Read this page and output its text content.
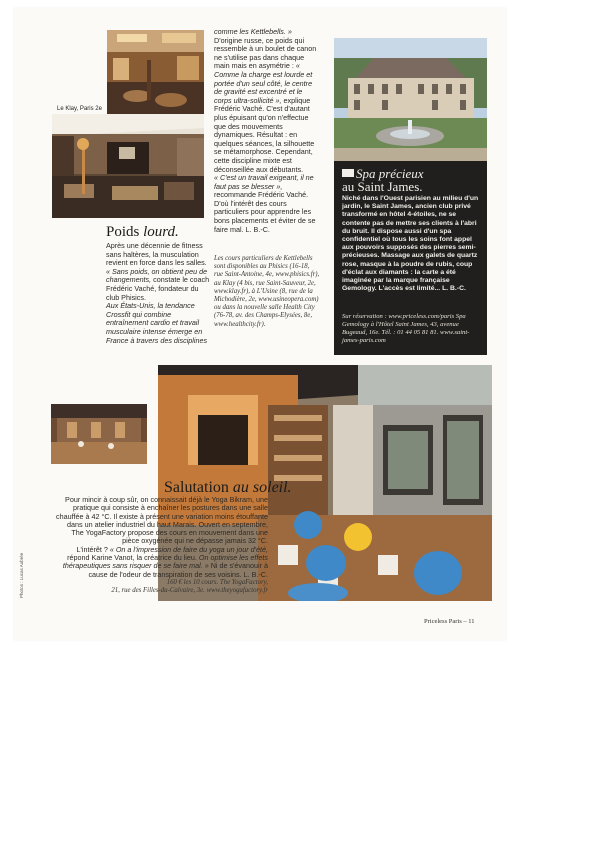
Le Klay, Paris 2e
Poids lourd.

Après une décennie de fitness sans haltères, la musculation revient en force dans les salles.

« Sans poids, on obtient peu de changements, constate le coach Frédéric Vaché, fondateur du club Phisics.

Aux États-Unis, la tendance Crossfit qui combine entraînement cardio et travail musculaire intense émerge en France à travers des disciplines

comme les Kettlebells. »

D'origine russe, ce poids qui ressemble à un boulet de canon ne s'utilise pas dans chaque main mais en asymétrie : « Comme la charge est lourde et portée d'un seul côté, le centre de gravité est excentré et le corps ultra-sollicité », explique Frédéric Vaché. C'est d'autant plus épuisant qu'on n'effectue que des mouvements dynamiques. Résultat : en quelques séances, la silhouette se métamorphose. Cependant, cette discipline mixte est déconseillée aux débutants.

« C'est un travail exigeant, il ne faut pas se blesser », recommande Frédéric Vaché. D'où l'intérêt des cours particuliers pour apprendre les bons placements et éviter de se faire mal. L. B.-C.

Les cours particuliers de Kettlebells sont disponibles au Phisics (16-18, rue Saint-Antoine, 4e, www.phisics.fr), au Klay (4 bis, rue Saint-Sauveur, 2e, www.klay.fr), à L'Usine (8, rue de la Michodière, 2e, www.usineopera.com) ou dans la nouvelle salle Health City (76-78, av. des Champs-Elysées, 8e, www.healthcity.fr).

Spa précieux
au Saint James.
Niché dans l'Ouest parisien au milieu d'un jardin, le Saint James, ancien club privé transformé en hôtel 4-étoiles, ne se contente pas de mettre ses clients à l'abri du bruit. Il dispose aussi d'un spa confidentiel où tous les soins font appel aux pouvoirs supposés des pierres semi-précieuses. Massage aux galets de quartz rose, masque à la poudre de rubis, coup d'éclat aux diamants : la carte a été imaginée par la marque française Gemology. L'accès est limité... L. B.-C.
Sur réservation : www.priceless.com/paris Spa Gemology à l'Hôtel Saint James, 43, avenue Bugeaud, 16e. Tél. : 01 44 05 81 81. www.saint-james-paris.com
Salutation au soleil.

Pour mincir à coup sûr, on connaissait déjà le Yoga Bikram, une pratique qui consiste à enchaîner les postures dans une salle chauffée à 42 °C. Il existe à présent une variation moins étouffante dans un atelier industriel du haut Marais. Ouvert en septembre, The YogaFactory propose des cours en mouvement dans une pièce oxygénée qui ne dépasse jamais 32 °C.

L'intérêt ? « On a l'impression de faire du yoga un jour d'été, répond Karine Vanot, la créatrice du lieu. On optimise les effets thérapeutiques sans risquer de se faire mal. » Ni de s'évanouir à cause de l'odeur de transpiration de ses voisins. L. B.-C.

160 € les 10 cours. The YogaFactory,

21, rue des Filles-du-Calvaire, 3e. www.theyogafactory.fr

Photos : Lucas Aubrée
Priceless Paris – 11
